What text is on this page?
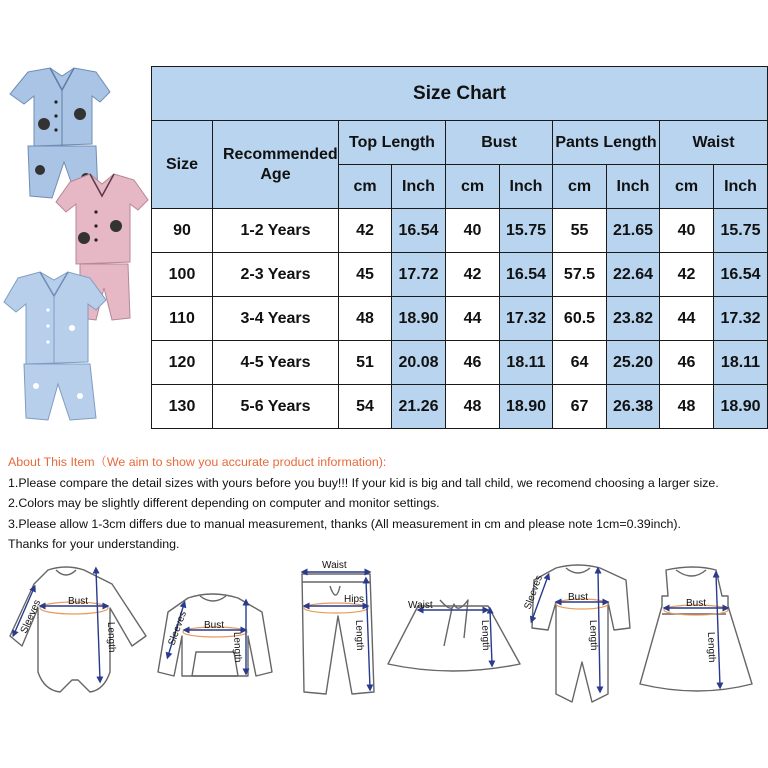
Size Chart									
Size	Recommended Age	Top Length		Bust		Pants Length		Waist	
		cm	Inch	cm	Inch	cm	Inch	cm	Inch
90	1-2 Years	42	16.54	40	15.75	55	21.65	40	15.75
100	2-3 Years	45	17.72	42	16.54	57.5	22.64	42	16.54
110	3-4 Years	48	18.90	44	17.32	60.5	23.82	44	17.32
120	4-5 Years	51	20.08	46	18.11	64	25.20	46	18.11
130	5-6 Years	54	21.26	48	18.90	67	26.38	48	18.90
About This Item（We aim to show you accurate product information):
1.Please compare the detail sizes with yours before you buy!!! If your kid is big and tall child, we recomend choosing a larger size.
2.Colors may be slightly different depending on computer and monitor settings.
3.Please allow 1-3cm differs due to manual measurement, thanks (All measurement in cm and please note 1cm=0.39inch).
Thanks for your understanding.
Bust
Sleeves
Length	Bust
Sleeves
Length
Waist
Hips
Length
Waist
Length
Bust
Sleeves
Length
Bust
Length
